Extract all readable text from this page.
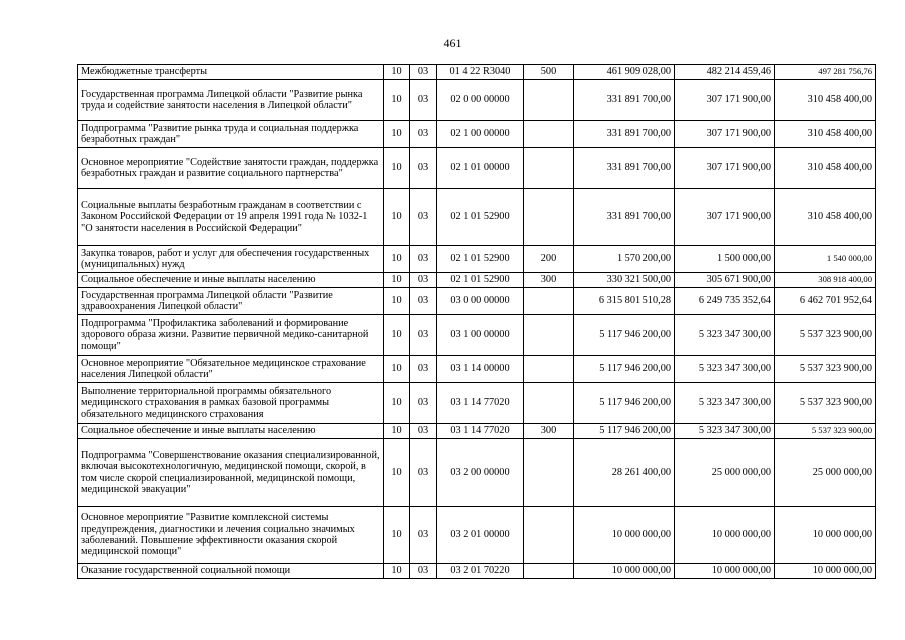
461
Межбюджетные трансферты	10	03	01 4 22 R3040	500	461 909 028,00	482 214 459,46	497 281 756,76
Государственная программа Липецкой области "Развитие рынка труда и содействие занятости населения в Липецкой области"	10	03	02 0 00 00000		331 891 700,00	307 171 900,00	310 458 400,00
Подпрограмма "Развитие рынка труда и социальная поддержка безработных граждан"	10	03	02 1 00 00000		331 891 700,00	307 171 900,00	310 458 400,00
Основное мероприятие "Содействие занятости граждан, поддержка безработных граждан и развитие социального партнерства"	10	03	02 1 01 00000		331 891 700,00	307 171 900,00	310 458 400,00
Социальные выплаты безработным гражданам в соответствии с Законом Российской Федерации от 19 апреля 1991 года № 1032-1 "О занятости населения в Российской Федерации"	10	03	02 1 01 52900		331 891 700,00	307 171 900,00	310 458 400,00
Закупка товаров, работ и услуг для обеспечения государственных (муниципальных) нужд	10	03	02 1 01 52900	200	1 570 200,00	1 500 000,00	1 540 000,00
Социальное обеспечение и иные выплаты населению	10	03	02 1 01 52900	300	330 321 500,00	305 671 900,00	308 918 400,00
Государственная программа Липецкой области "Развитие здравоохранения Липецкой области"	10	03	03 0 00 00000		6 315 801 510,28	6 249 735 352,64	6 462 701 952,64
Подпрограмма "Профилактика заболеваний и формирование здорового образа жизни. Развитие первичной медико-санитарной помощи"	10	03	03 1 00 00000		5 117 946 200,00	5 323 347 300,00	5 537 323 900,00
Основное мероприятие "Обязательное медицинское страхование населения Липецкой области"	10	03	03 1 14 00000		5 117 946 200,00	5 323 347 300,00	5 537 323 900,00
Выполнение территориальной программы обязательного медицинского страхования в рамках базовой программы обязательного медицинского страхования	10	03	03 1 14 77020		5 117 946 200,00	5 323 347 300,00	5 537 323 900,00
Социальное обеспечение и иные выплаты населению	10	03	03 1 14 77020	300	5 117 946 200,00	5 323 347 300,00	5 537 323 900,00
Подпрограмма "Совершенствование оказания специализированной, включая высокотехнологичную, медицинской помощи, скорой, в том числе скорой специализированной, медицинской помощи, медицинской эвакуации"	10	03	03 2 00 00000		28 261 400,00	25 000 000,00	25 000 000,00
Основное мероприятие "Развитие комплексной системы предупреждения, диагностики и лечения социально значимых заболеваний. Повышение эффективности оказания скорой медицинской помощи"	10	03	03 2 01 00000		10 000 000,00	10 000 000,00	10 000 000,00
Оказание государственной социальной помощи	10	03	03 2 01 70220		10 000 000,00	10 000 000,00	10 000 000,00
